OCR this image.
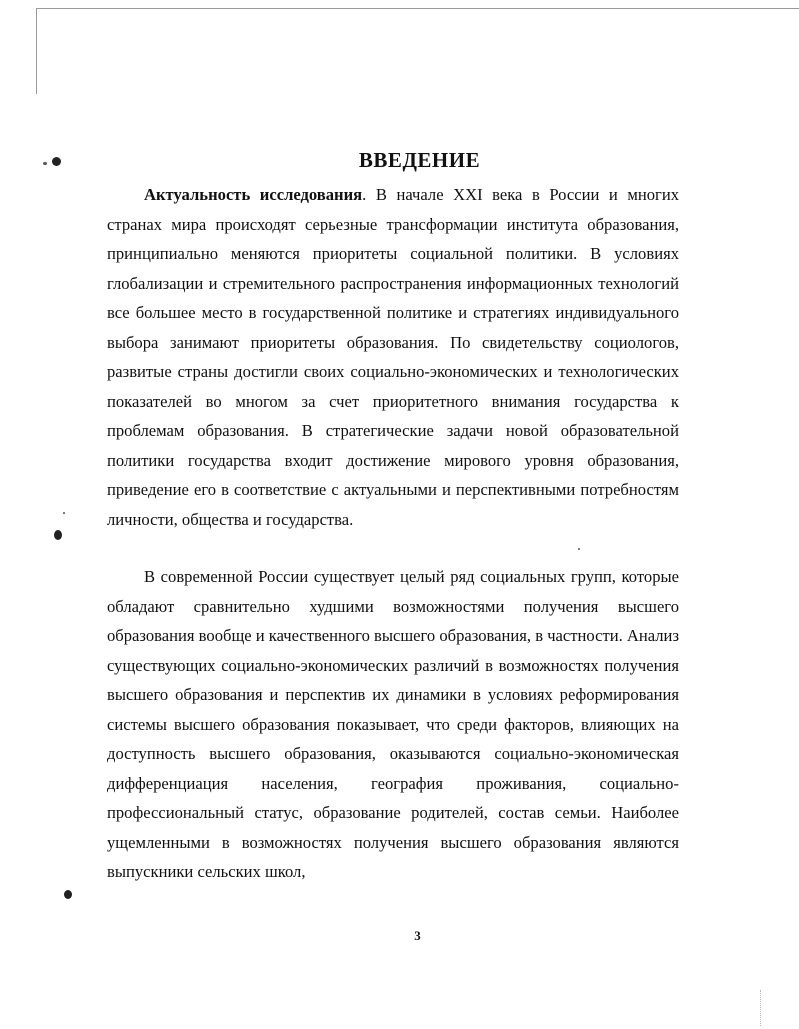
ВВЕДЕНИЕ

Актуальность исследования. В начале XXI века в России и многих странах мира происходят серьезные трансформации института образования, принципиально меняются приоритеты социальной политики. В условиях глобализации и стремительного распространения информационных технологий все большее место в государственной политике и стратегиях индивидуального выбора занимают приоритеты образования. По свидетельству социологов, развитые страны достигли своих социально-экономических и технологических показателей во многом за счет приоритетного внимания государства к проблемам образования. В стратегические задачи новой образовательной политики государства входит достижение мирового уровня образования, приведение его в соответствие с актуальными и перспективными потребностям личности, общества и государства.

В современной России существует целый ряд социальных групп, которые обладают сравнительно худшими возможностями получения высшего образования вообще и качественного высшего образования, в частности. Анализ существующих социально-экономических различий в возможностях получения высшего образования и перспектив их динамики в условиях реформирования системы высшего образования показывает, что среди факторов, влияющих на доступность высшего образования, оказываются социально-экономическая дифференциация населения, география проживания, социально-профессиональный статус, образование родителей, состав семьи. Наиболее ущемленными в возможностях получения высшего образования являются выпускники сельских школ,

3
